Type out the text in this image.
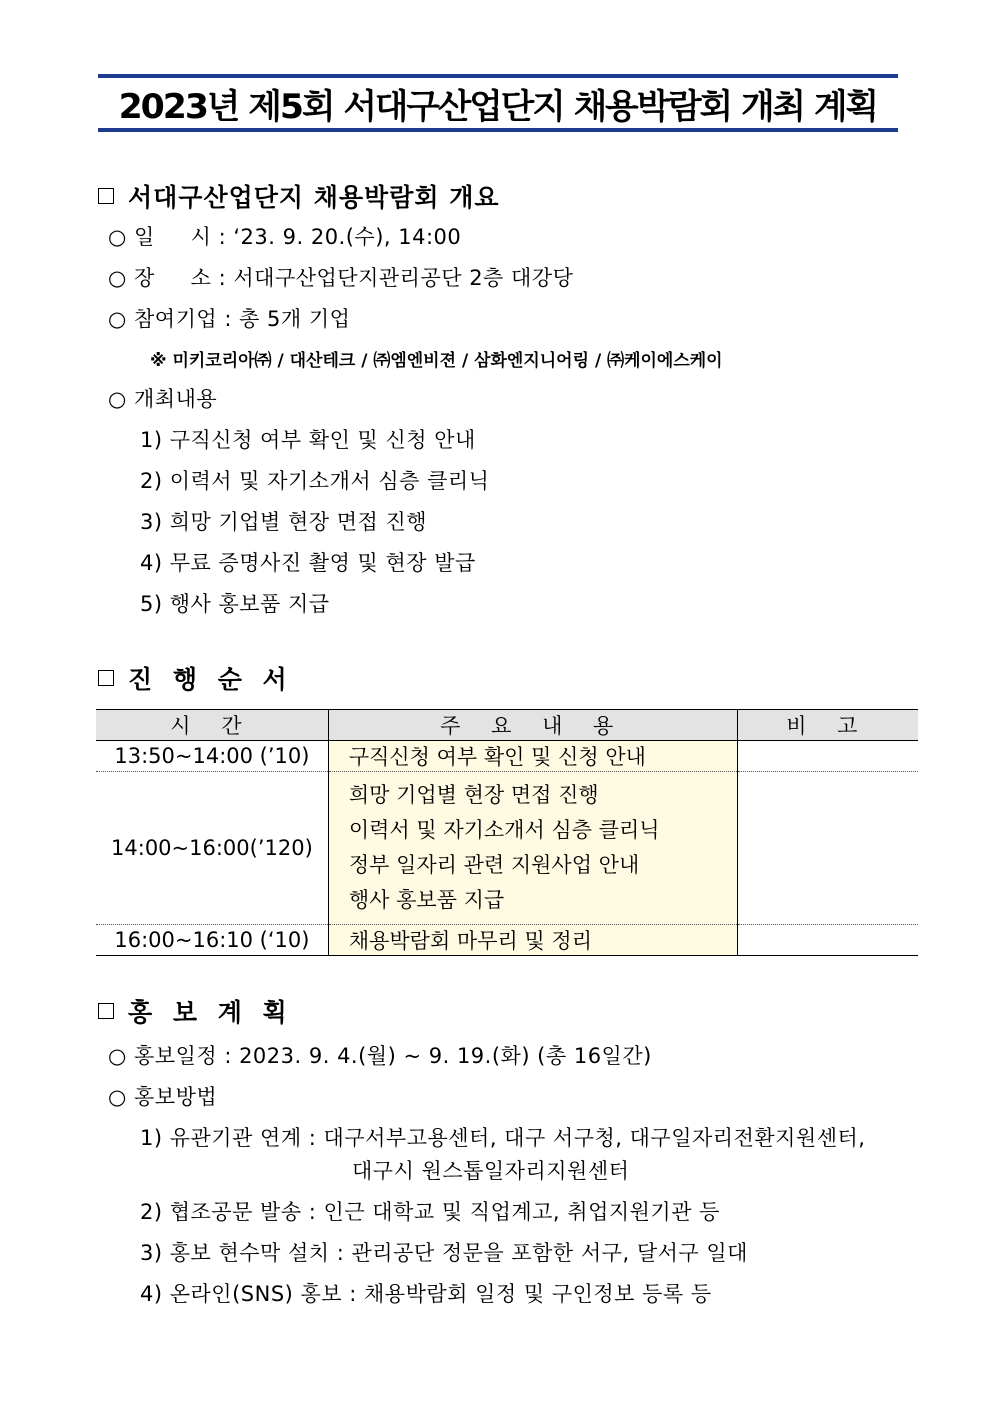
2023년 제5회 서대구산업단지 채용박람회 개최 계획
서대구산업단지 채용박람회 개요
○ 일     시 : ‘23. 9. 20.(수), 14:00
○ 장     소 : 서대구산업단지관리공단 2층 대강당
○ 참여기업 : 총 5개 기업
※ 미키코리아㈜ / 대산테크 / ㈜엠엔비젼 / 삼화엔지니어링 / ㈜케이에스케이
○ 개최내용
1) 구직신청 여부 확인 및 신청 안내
2) 이력서 및 자기소개서 심층 클리닉
3) 희망 기업별 현장 면접 진행
4) 무료 증명사진 촬영 및 현장 발급
5) 행사 홍보품 지급
진 행 순 서
시 간	주 요 내 용	비 고
13:50~14:00 (’10)	구직신청 여부 확인 및 신청 안내	
14:00~16:00(’120)	희망 기업별 현장 면접 진행
이력서 및 자기소개서 심층 클리닉
정부 일자리 관련 지원사업 안내
행사 홍보품 지급	

16:00~16:10 (‘10)	채용박람회 마무리 및 정리	
홍 보 계 획
○ 홍보일정 : 2023. 9. 4.(월) ~ 9. 19.(화) (총 16일간)
○ 홍보방법
1) 유관기관 연계 : 대구서부고용센터, 대구 서구청, 대구일자리전환지원센터,
대구시 원스톱일자리지원센터
2) 협조공문 발송 : 인근 대학교 및 직업계고, 취업지원기관 등
3) 홍보 현수막 설치 : 관리공단 정문을 포함한 서구, 달서구 일대
4) 온라인(SNS) 홍보 : 채용박람회 일정 및 구인정보 등록 등
